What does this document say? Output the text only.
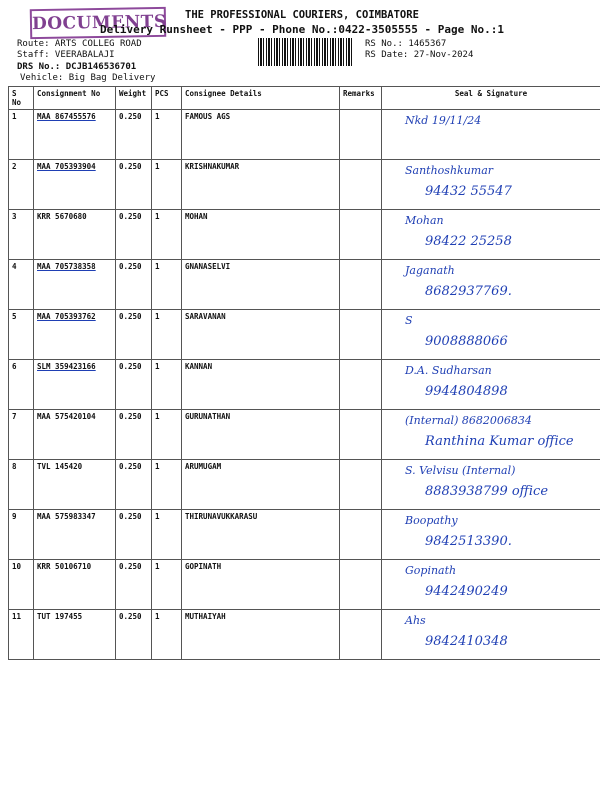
DOCUMENTS THE PROFESSIONAL COURIERS, COIMBATORE
Delivery Runsheet - PPP - Phone No.:0422-3505555 - Page No.:1
Route: ARTS COLLEG ROAD
Staff: VEERABALAJI
DRS No.: DCJB146536701
Vehicle: Big Bag Delivery
RS No.: 1465367
RS Date: 27-Nov-2024
S No	Consignment No	Weight	PCS	Consignee Details	Remarks	Seal & Signature
1	MAA 867455576	0.250	1	FAMOUS AGS		Nkd 19/11/24

2	MAA 705393904	0.250	1	KRISHNAKUMAR		Santhoshkumar
94432 55547

3	KRR 5670680	0.250	1	MOHAN		Mohan
98422 25258

4	MAA 705738358	0.250	1	GNANASELVI		Jaganath
8682937769.

5	MAA 705393762	0.250	1	SARAVANAN		S
9008888066

6	SLM 359423166	0.250	1	KANNAN		D.A. Sudharsan
9944804898

7	MAA 575420104	0.250	1	GURUNATHAN		(Internal) 8682006834
Ranthina Kumar office

8	TVL 145420	0.250	1	ARUMUGAM		S. Velvisu (Internal)
8883938799 office

9	MAA 575983347	0.250	1	THIRUNAVUKKARASU		Boopathy
9842513390.

10	KRR 50106710	0.250	1	GOPINATH		Gopinath
9442490249

11	TUT 197455	0.250	1	MUTHAIYAH		Ahs
9842410348
